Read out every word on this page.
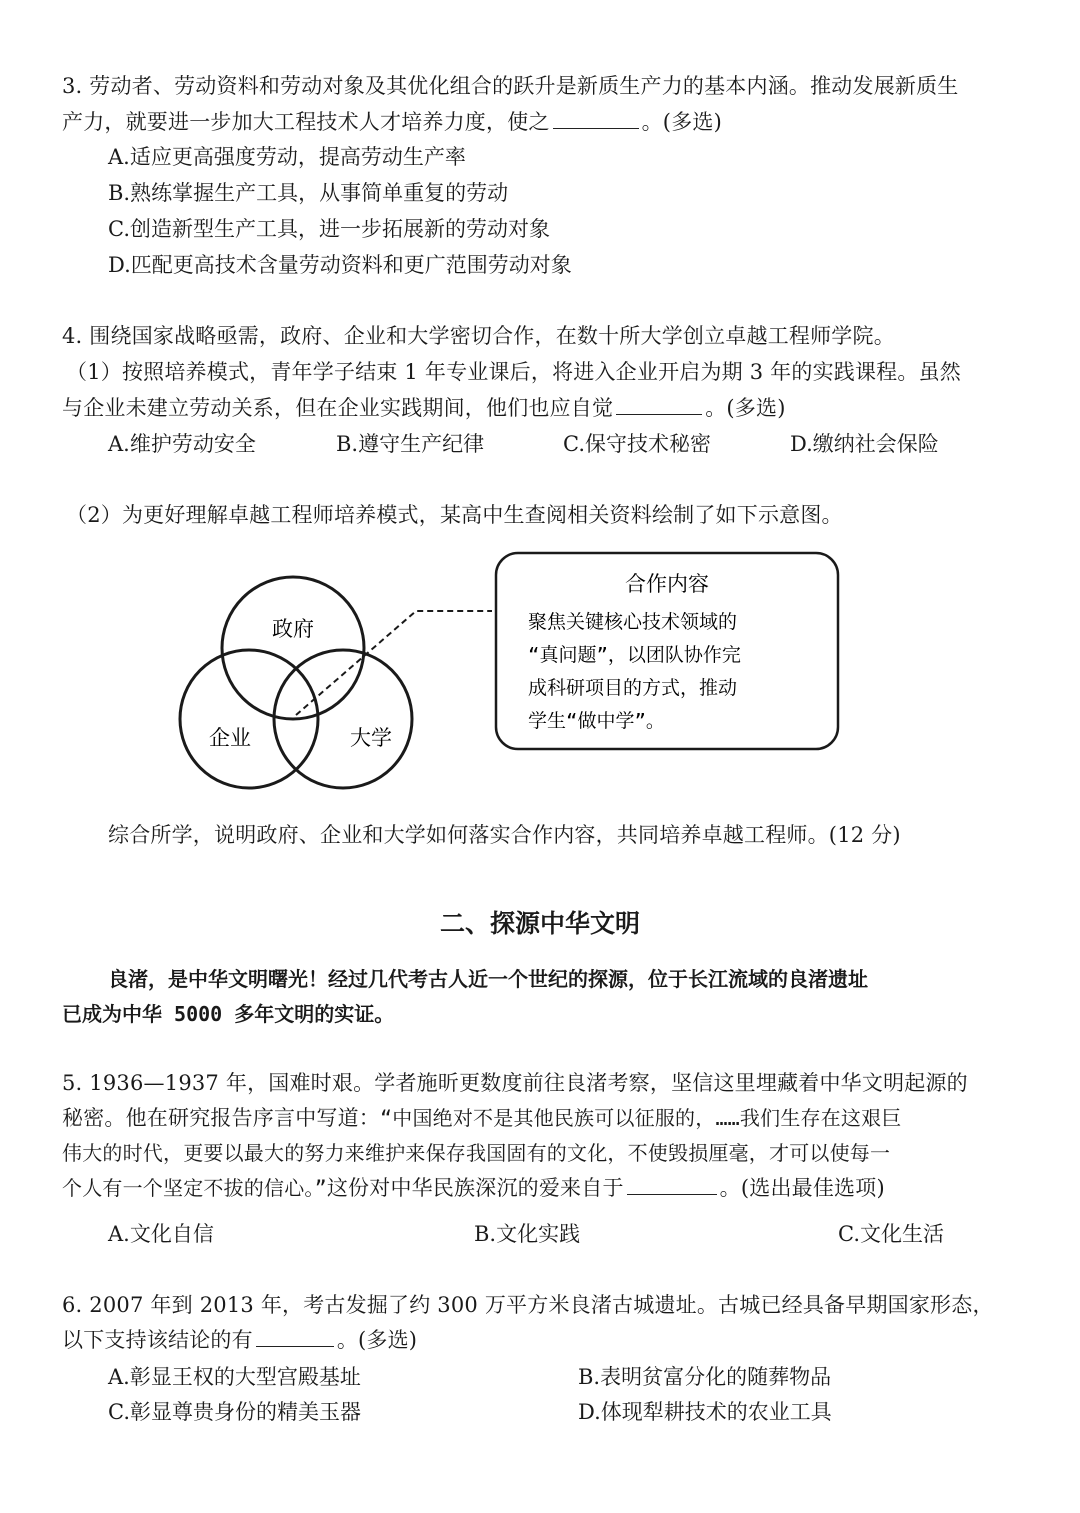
3. 劳动者、劳动资料和劳动对象及其优化组合的跃升是新质生产力的基本内涵。推动发展新质生
产力，就要进一步加大工程技术人才培养力度，使之	。(多选)
A.适应更高强度劳动，提高劳动生产率
B.熟练掌握生产工具，从事简单重复的劳动
C.创造新型生产工具，进一步拓展新的劳动对象
D.匹配更高技术含量劳动资料和更广范围劳动对象
4. 围绕国家战略亟需，政府、企业和大学密切合作，在数十所大学创立卓越工程师学院。
（1）按照培养模式，青年学子结束 1 年专业课后，将进入企业开启为期 3 年的实践课程。虽然
与企业未建立劳动关系，但在企业实践期间，他们也应自觉	。(多选)
A.维护劳动安全	B.遵守生产纪律	C.保守技术秘密	D.缴纳社会保险
（2）为更好理解卓越工程师培养模式，某高中生查阅相关资料绘制了如下示意图。
政府
企业	大学
合作内容
聚焦关键核心技术领域的
“真问题”，以团队协作完
成科研项目的方式，推动
学生“做中学”。
综合所学，说明政府、企业和大学如何落实合作内容，共同培养卓越工程师。(12 分)
二、探源中华文明
良渚，是中华文明曙光！经过几代考古人近一个世纪的探源，位于长江流域的良渚遗址
已成为中华 5000 多年文明的实证。
5. 1936—1937 年，国难时艰。学者施昕更数度前往良渚考察，坚信这里埋藏着中华文明起源的
秘密。他在研究报告序言中写道：“中国绝对不是其他民族可以征服的，……我们生存在这艰巨
伟大的时代，更要以最大的努力来维护来保存我国固有的文化，不使毁损厘毫，才可以使每一
个人有一个坚定不拔的信心。”这份对中华民族深沉的爱来自于	。(选出最佳选项)
A.文化自信	B.文化实践	C.文化生活
6. 2007 年到 2013 年，考古发掘了约 300 万平方米良渚古城遗址。古城已经具备早期国家形态，
以下支持该结论的有	。(多选)
A.彰显王权的大型宫殿基址	B.表明贫富分化的随葬物品
C.彰显尊贵身份的精美玉器	D.体现犁耕技术的农业工具
